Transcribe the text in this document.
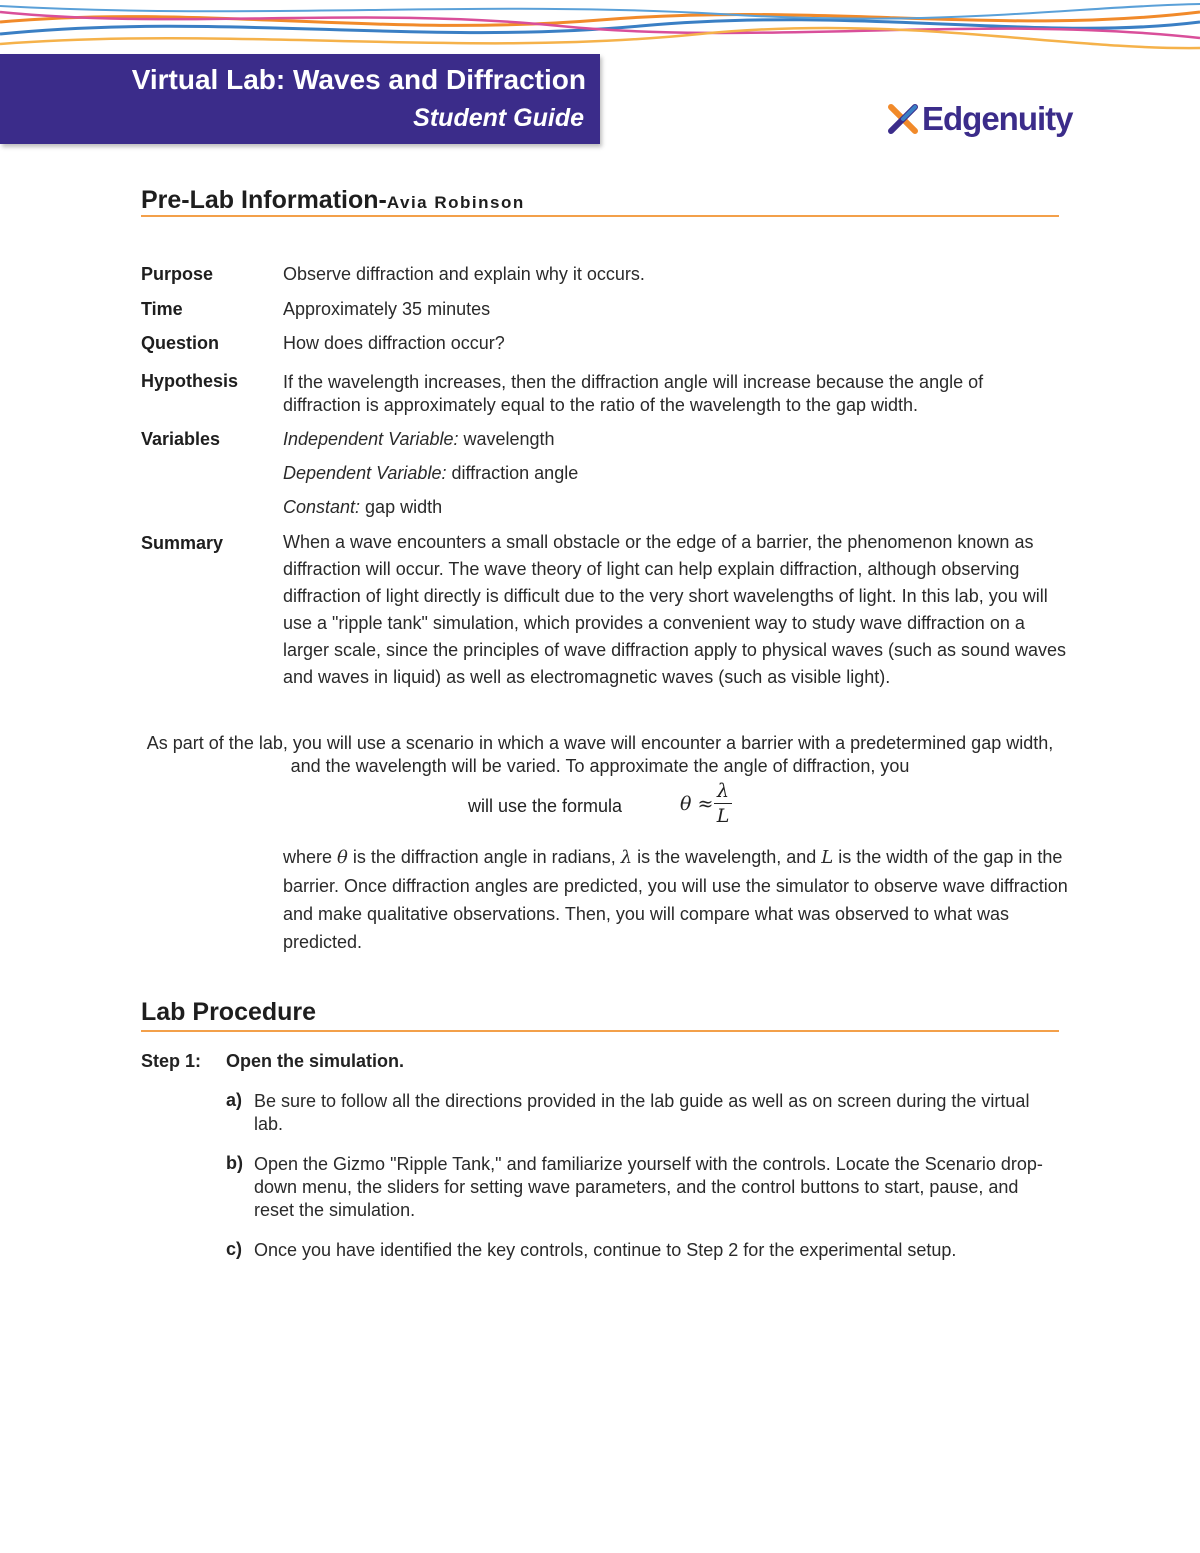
Virtual Lab: Waves and Diffraction
Student Guide	Edgenuity
Pre-Lab Information-Avia Robinson
Purpose	Observe diffraction and explain why it occurs.
Time	Approximately 35 minutes
Question	How does diffraction occur?
Hypothesis If the wavelength increases, then the diffraction angle will increase because the angle of diffraction is approximately equal to the ratio of the wavelength to the gap width.
Variables	Independent Variable: wavelength
Dependent Variable: diffraction angle
Constant: gap width
Summary	When a wave encounters a small obstacle or the edge of a barrier, the phenomenon known as diffraction will occur. The wave theory of light can help explain diffraction, although observing diffraction of light directly is difficult due to the very short wavelengths of light. In this lab, you will use a "ripple tank" simulation, which provides a convenient way to study wave diffraction on a larger scale, since the principles of wave diffraction apply to physical waves (such as sound waves and waves in liquid) as well as electromagnetic waves (such as visible light).
As part of the lab, you will use a scenario in which a wave will encounter a barrier with a predetermined gap width, and the wavelength will be varied. To approximate the angle of diffraction, you
will use the formula	θ ≈
λ
L
where θ is the diffraction angle in radians, λ is the wavelength, and L is the width of the gap in the barrier. Once diffraction angles are predicted, you will use the simulator to observe wave diffraction and make qualitative observations. Then, you will compare what was observed to what was predicted.
Lab Procedure
Step 1: Open the simulation.
a) Be sure to follow all the directions provided in the lab guide as well as on screen during the virtual lab.
b) Open the Gizmo "Ripple Tank," and familiarize yourself with the controls. Locate the Scenario drop-down menu, the sliders for setting wave parameters, and the control buttons to start, pause, and reset the simulation.
c) Once you have identified the key controls, continue to Step 2 for the experimental setup.
